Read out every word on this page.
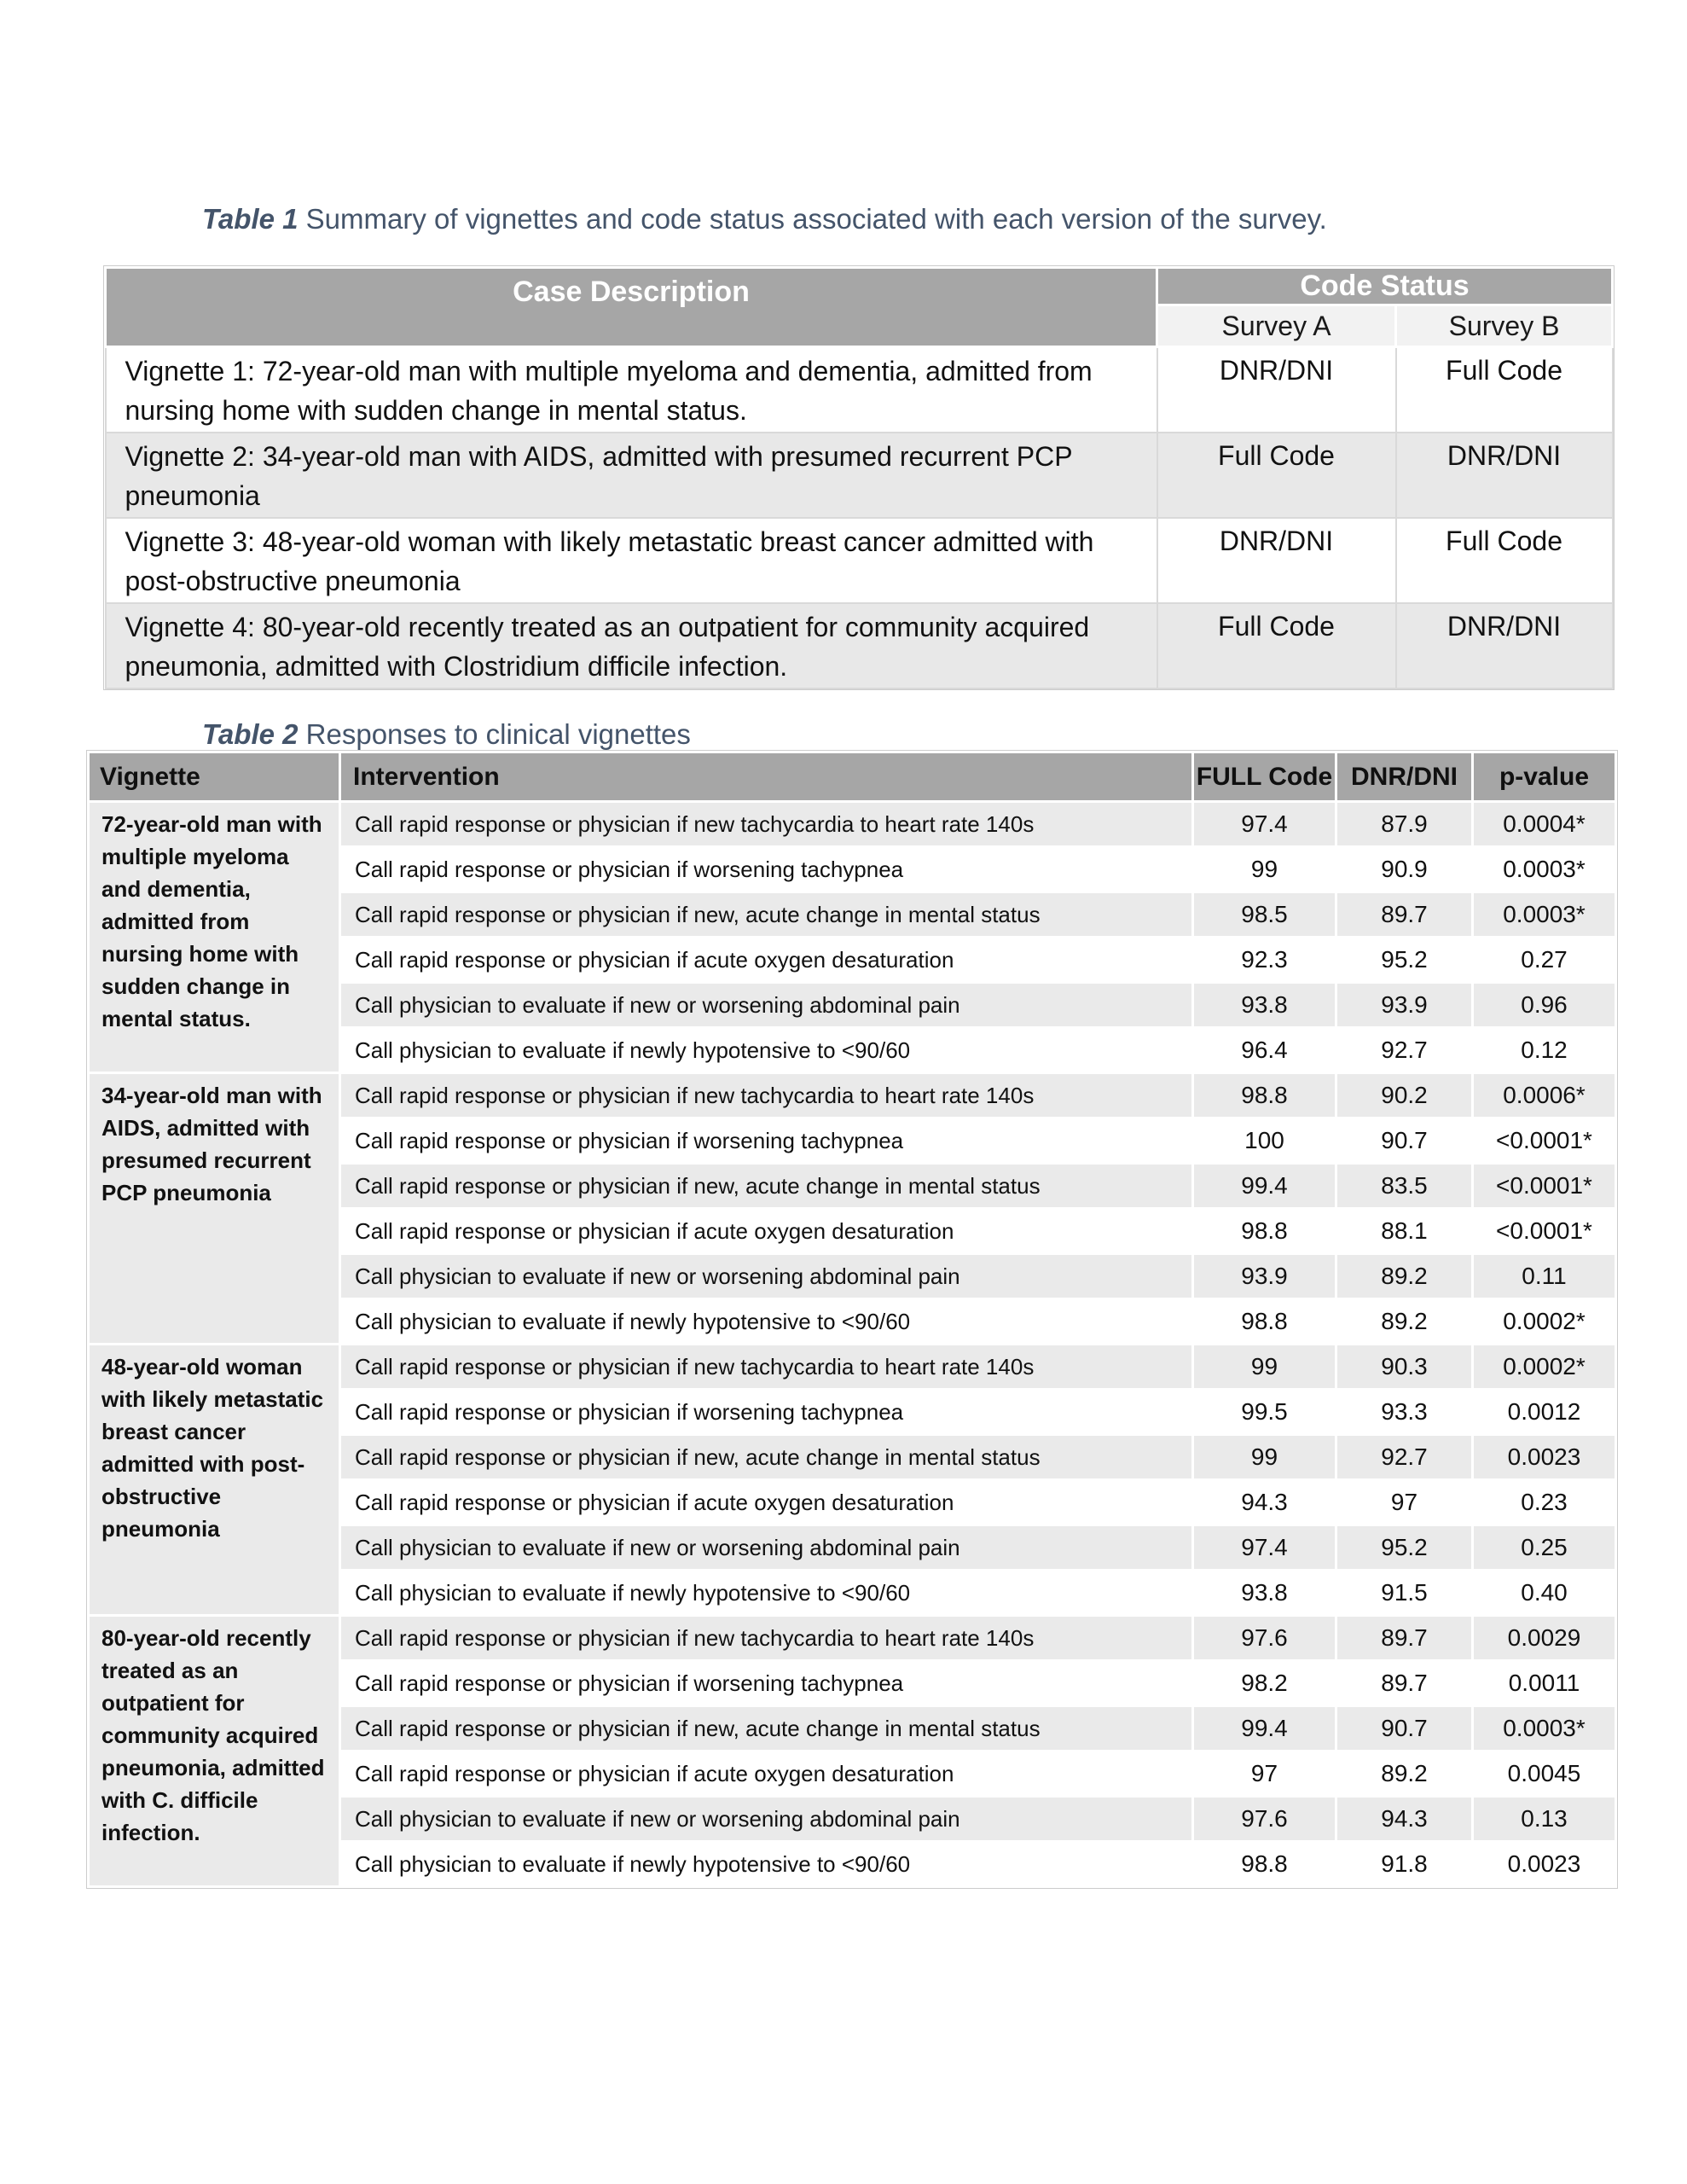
Table 1 Summary of vignettes and code status associated with each version of the survey.
Case Description	Code Status	
	Survey A	Survey B
Vignette 1: 72-year-old man with multiple myeloma and dementia, admitted from nursing home with sudden change in mental status.	DNR/DNI	Full Code
Vignette 2: 34-year-old man with AIDS, admitted with presumed recurrent PCP pneumonia	Full Code	DNR/DNI
Vignette 3: 48-year-old woman with likely metastatic breast cancer admitted with post-obstructive pneumonia	DNR/DNI	Full Code
Vignette 4: 80-year-old recently treated as an outpatient for community acquired pneumonia, admitted with Clostridium difficile infection.	Full Code	DNR/DNI
Table 2 Responses to clinical vignettes
Vignette	Intervention	FULL Code	DNR/DNI	p-value
72-year-old man with multiple myeloma and dementia, admitted from nursing home with sudden change in mental status.	Call rapid response or physician if new tachycardia to heart rate 140s	97.4	87.9	0.0004*
	Call rapid response or physician if worsening tachypnea	99	90.9	0.0003*
	Call rapid response or physician if new, acute change in mental status	98.5	89.7	0.0003*
	Call rapid response or physician if acute oxygen desaturation	92.3	95.2	0.27
	Call physician to evaluate if new or worsening abdominal pain	93.8	93.9	0.96
	Call physician to evaluate if newly hypotensive to <90/60	96.4	92.7	0.12
34-year-old man with AIDS, admitted with presumed recurrent PCP pneumonia	Call rapid response or physician if new tachycardia to heart rate 140s	98.8	90.2	0.0006*
	Call rapid response or physician if worsening tachypnea	100	90.7	<0.0001*
	Call rapid response or physician if new, acute change in mental status	99.4	83.5	<0.0001*
	Call rapid response or physician if acute oxygen desaturation	98.8	88.1	<0.0001*
	Call physician to evaluate if new or worsening abdominal pain	93.9	89.2	0.11
	Call physician to evaluate if newly hypotensive to <90/60	98.8	89.2	0.0002*
48-year-old woman with likely metastatic breast cancer admitted with post-obstructive pneumonia	Call rapid response or physician if new tachycardia to heart rate 140s	99	90.3	0.0002*
	Call rapid response or physician if worsening tachypnea	99.5	93.3	0.0012
	Call rapid response or physician if new, acute change in mental status	99	92.7	0.0023
	Call rapid response or physician if acute oxygen desaturation	94.3	97	0.23
	Call physician to evaluate if new or worsening abdominal pain	97.4	95.2	0.25
	Call physician to evaluate if newly hypotensive to <90/60	93.8	91.5	0.40
80-year-old recently treated as an outpatient for community acquired pneumonia, admitted with C. difficile infection.	Call rapid response or physician if new tachycardia to heart rate 140s	97.6	89.7	0.0029
	Call rapid response or physician if worsening tachypnea	98.2	89.7	0.0011
	Call rapid response or physician if new, acute change in mental status	99.4	90.7	0.0003*
	Call rapid response or physician if acute oxygen desaturation	97	89.2	0.0045
	Call physician to evaluate if new or worsening abdominal pain	97.6	94.3	0.13
	Call physician to evaluate if newly hypotensive to <90/60	98.8	91.8	0.0023
